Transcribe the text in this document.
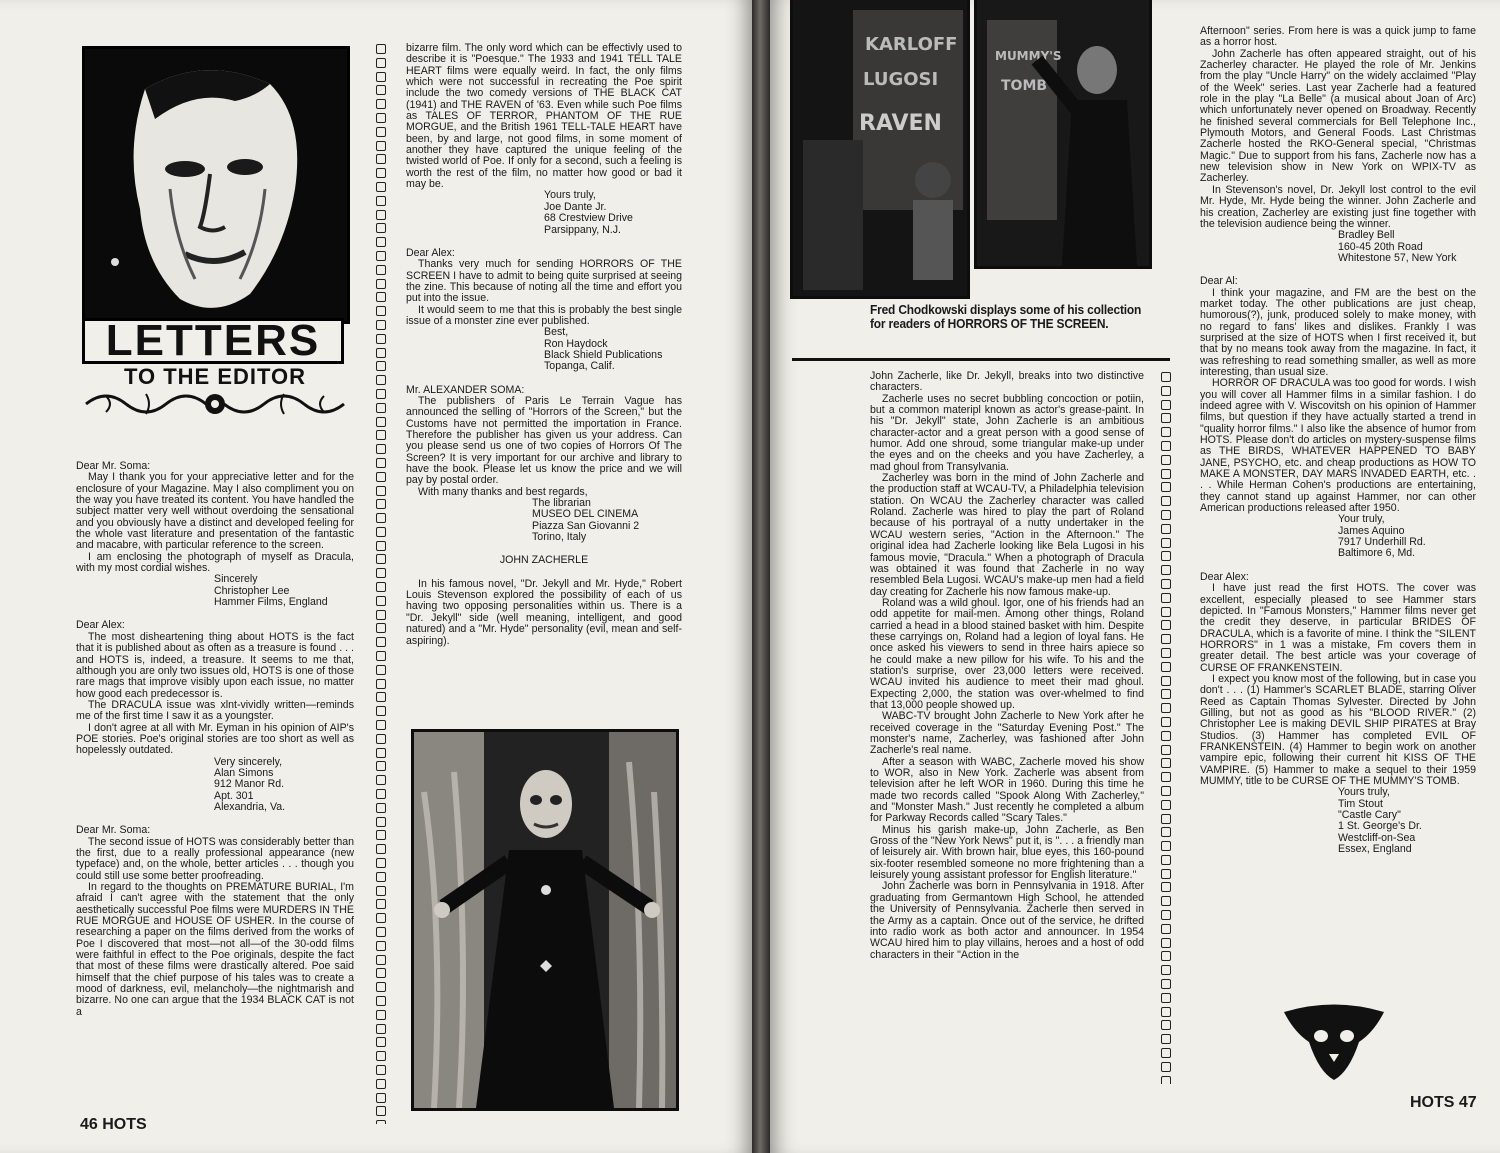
LETTERS
TO THE EDITOR

Dear Mr. Soma:

May I thank you for your appreciative letter and for the enclosure of your Magazine. May I also compliment you on the way you have treated its content. You have handled the subject matter very well without overdoing the sensational and you obviously have a distinct and developed feeling for the whole vast literature and presentation of the fantastic and macabre, with particular reference to the screen.

I am enclosing the photograph of myself as Dracula, with my most cordial wishes.

Sincerely

Christopher Lee

Hammer Films, England

Dear Alex:

The most disheartening thing about HOTS is the fact that it is published about as often as a treasure is found . . . and HOTS is, indeed, a treasure. It seems to me that, although you are only two issues old, HOTS is one of those rare mags that improve visibly upon each issue, no matter how good each predecessor is.

The DRACULA issue was xlnt-vividly written—reminds me of the first time I saw it as a youngster.

I don't agree at all with Mr. Eyman in his opinion of AIP's POE stories. Poe's original stories are too short as well as hopelessly outdated.

Very sincerely,

Alan Simons

912 Manor Rd.

Apt. 301

Alexandria, Va.

Dear Mr. Soma:

The second issue of HOTS was considerably better than the first, due to a really professional appearance (new typeface) and, on the whole, better articles . . . though you could still use some better proofreading.

In regard to the thoughts on PREMATURE BURIAL, I'm afraid I can't agree with the statement that the only aesthetically successful Poe films were MURDERS IN THE RUE MORGUE and HOUSE OF USHER. In the course of researching a paper on the films derived from the works of Poe I discovered that most—not all—of the 30-odd films were faithful in effect to the Poe originals, despite the fact that most of these films were drastically altered. Poe said himself that the chief purpose of his tales was to create a mood of darkness, evil, melancholy—the nightmarish and bizarre. No one can argue that the 1934 BLACK CAT is not a

bizarre film. The only word which can be effectivly used to describe it is "Poesque." The 1933 and 1941 TELL TALE HEART films were equally weird. In fact, the only films which were not successful in recreating the Poe spirit include the two comedy versions of THE BLACK CAT (1941) and THE RAVEN of '63. Even while such Poe films as TALES OF TERROR, PHANTOM OF THE RUE MORGUE, and the British 1961 TELL-TALE HEART have been, by and large, not good films, in some moment of another they have captured the unique feeling of the twisted world of Poe. If only for a second, such a feeling is worth the rest of the film, no matter how good or bad it may be.

Yours truly,

Joe Dante Jr.

68 Crestview Drive

Parsippany, N.J.

Dear Alex:

Thanks very much for sending HORRORS OF THE SCREEN I have to admit to being quite surprised at seeing the zine. This because of noting all the time and effort you put into the issue.

It would seem to me that this is probably the best single issue of a monster zine ever published.

Best,

Ron Haydock

Black Shield Publications

Topanga, Calif.

Mr. ALEXANDER SOMA:

The publishers of Paris Le Terrain Vague has announced the selling of "Horrors of the Screen," but the Customs have not permitted the importation in France. Therefore the publisher has given us your address. Can you please send us one of two copies of Horrors Of The Screen? It is very important for our archive and library to have the book. Please let us know the price and we will pay by postal order.

With many thanks and best regards,

The librarian

MUSEO DEL CINEMA

Piazza San Giovanni 2

Torino, Italy

JOHN ZACHERLE

In his famous novel, "Dr. Jekyll and Mr. Hyde," Robert Louis Stevenson explored the possibility of each of us having two opposing personalities within us. There is a "Dr. Jekyll" side (well meaning, intelligent, and good natured) and a "Mr. Hyde" personality (evil, mean and self-aspiring).

46 HOTS
KARLOFF
LUGOSI
RAVEN
MUMMY'S
TOMB
Fred Chodkowski displays some of his collection for readers of HORRORS OF THE SCREEN.

John Zacherle, like Dr. Jekyll, breaks into two distinctive characters.

Zacherle uses no secret bubbling concoction or potiin, but a common materipl known as actor's grease-paint. In his "Dr. Jekyll" state, John Zacherle is an ambitious character-actor and a great person with a good sense of humor. Add one shroud, some triangular make-up under the eyes and on the cheeks and you have Zacherley, a mad ghoul from Transylvania.

Zacherley was born in the mind of John Zacherle and the production staff at WCAU-TV, a Philadelphia television station. On WCAU the Zacherley character was called Roland. Zacherle was hired to play the part of Roland because of his portrayal of a nutty undertaker in the WCAU western series, "Action in the Afternoon." The original idea had Zacherle looking like Bela Lugosi in his famous movie, "Dracula." When a photograph of Dracula was obtained it was found that Zacherle in no way resembled Bela Lugosi. WCAU's make-up men had a field day creating for Zacherle his now famous make-up.

Roland was a wild ghoul. Igor, one of his friends had an odd appetite for mail-men. Among other things, Roland carried a head in a blood stained basket with him. Despite these carryings on, Roland had a legion of loyal fans. He once asked his viewers to send in three hairs apiece so he could make a new pillow for his wife. To his and the station's surprise, over 23,000 letters were received. WCAU invited his audience to meet their mad ghoul. Expecting 2,000, the station was over-whelmed to find that 13,000 people showed up.

WABC-TV brought John Zacherle to New York after he received coverage in the "Saturday Evening Post." The monster's name, Zacherley, was fashioned after John Zacherle's real name.

After a season with WABC, Zacherle moved his show to WOR, also in New York. Zacherle was absent from television after he left WOR in 1960. During this time he made two records called "Spook Along With Zacherley," and "Monster Mash." Just recently he completed a album for Parkway Records called "Scary Tales."

Minus his garish make-up, John Zacherle, as Ben Gross of the "New York News" put it, is ". . . a friendly man of leisurely air. With brown hair, blue eyes, this 160-pound six-footer resembled someone no more frightening than a leisurely young assistant professor for English literature."

John Zacherle was born in Pennsylvania in 1918. After graduating from Germantown High School, he attended the University of Pennsylvania. Zacherle then served in the Army as a captain. Once out of the service, he drifted into radio work as both actor and announcer. In 1954 WCAU hired him to play villains, heroes and a host of odd characters in their "Action in the

Afternoon" series. From here is was a quick jump to fame as a horror host.

John Zacherle has often appeared straight, out of his Zacherley character. He played the role of Mr. Jenkins from the play "Uncle Harry" on the widely acclaimed "Play of the Week" series. Last year Zacherle had a featured role in the play "La Belle" (a musical about Joan of Arc) which unfortunately never opened on Broadway. Recently he finished several commercials for Bell Telephone Inc., Plymouth Motors, and General Foods. Last Christmas Zacherle hosted the RKO-General special, "Christmas Magic." Due to support from his fans, Zacherle now has a new television show in New York on WPIX-TV as Zacherley.

In Stevenson's novel, Dr. Jekyll lost control to the evil Mr. Hyde, Mr. Hyde being the winner. John Zacherle and his creation, Zacherley are existing just fine together with the television audience being the winner.

Bradley Bell

160-45 20th Road

Whitestone 57, New York

Dear Al:

I think your magazine, and FM are the best on the market today. The other publications are just cheap, humorous(?), junk, produced solely to make money, with no regard to fans' likes and dislikes. Frankly I was surprised at the size of HOTS when I first received it, but that by no means took away from the magazine. In fact, it was refreshing to read something smaller, as well as more interesting, than usual size.

HORROR OF DRACULA was too good for words. I wish you will cover all Hammer films in a similar fashion. I do indeed agree with V. Wiscovitsh on his opinion of Hammer films, but question if they have actually started a trend in "quality horror films." I also like the absence of humor from HOTS. Please don't do articles on mystery-suspense films as THE BIRDS, WHATEVER HAPPENED TO BABY JANE, PSYCHO, etc. and cheap productions as HOW TO MAKE A MONSTER, DAY MARS INVADED EARTH, etc. . . . While Herman Cohen's productions are entertaining, they cannot stand up against Hammer, nor can other American productions released after 1950.

Your truly,

James Aquino

7917 Underhill Rd.

Baltimore 6, Md.

Dear Alex:

I have just read the first HOTS. The cover was excellent, especially pleased to see Hammer stars depicted. In "Famous Monsters," Hammer films never get the credit they deserve, in particular BRIDES OF DRACULA, which is a favorite of mine. I think the "SILENT HORRORS" in 1 was a mistake, Fm covers them in greater detail. The best article was your coverage of CURSE OF FRANKENSTEIN.

I expect you know most of the following, but in case you don't . . . (1) Hammer's SCARLET BLADE, starring Oliver Reed as Captain Thomas Sylvester. Directed by John Gilling, but not as good as his "BLOOD RIVER." (2) Christopher Lee is making DEVIL SHIP PIRATES at Bray Studios. (3) Hammer has completed EVIL OF FRANKENSTEIN. (4) Hammer to begin work on another vampire epic, following their current hit KISS OF THE VAMPIRE. (5) Hammer to make a sequel to their 1959 MUMMY, title to be CURSE OF THE MUMMY'S TOMB.

Yours truly,

Tim Stout

"Castle Cary"

1 St. George's Dr.

Westcliff-on-Sea

Essex, England

HOTS 47
